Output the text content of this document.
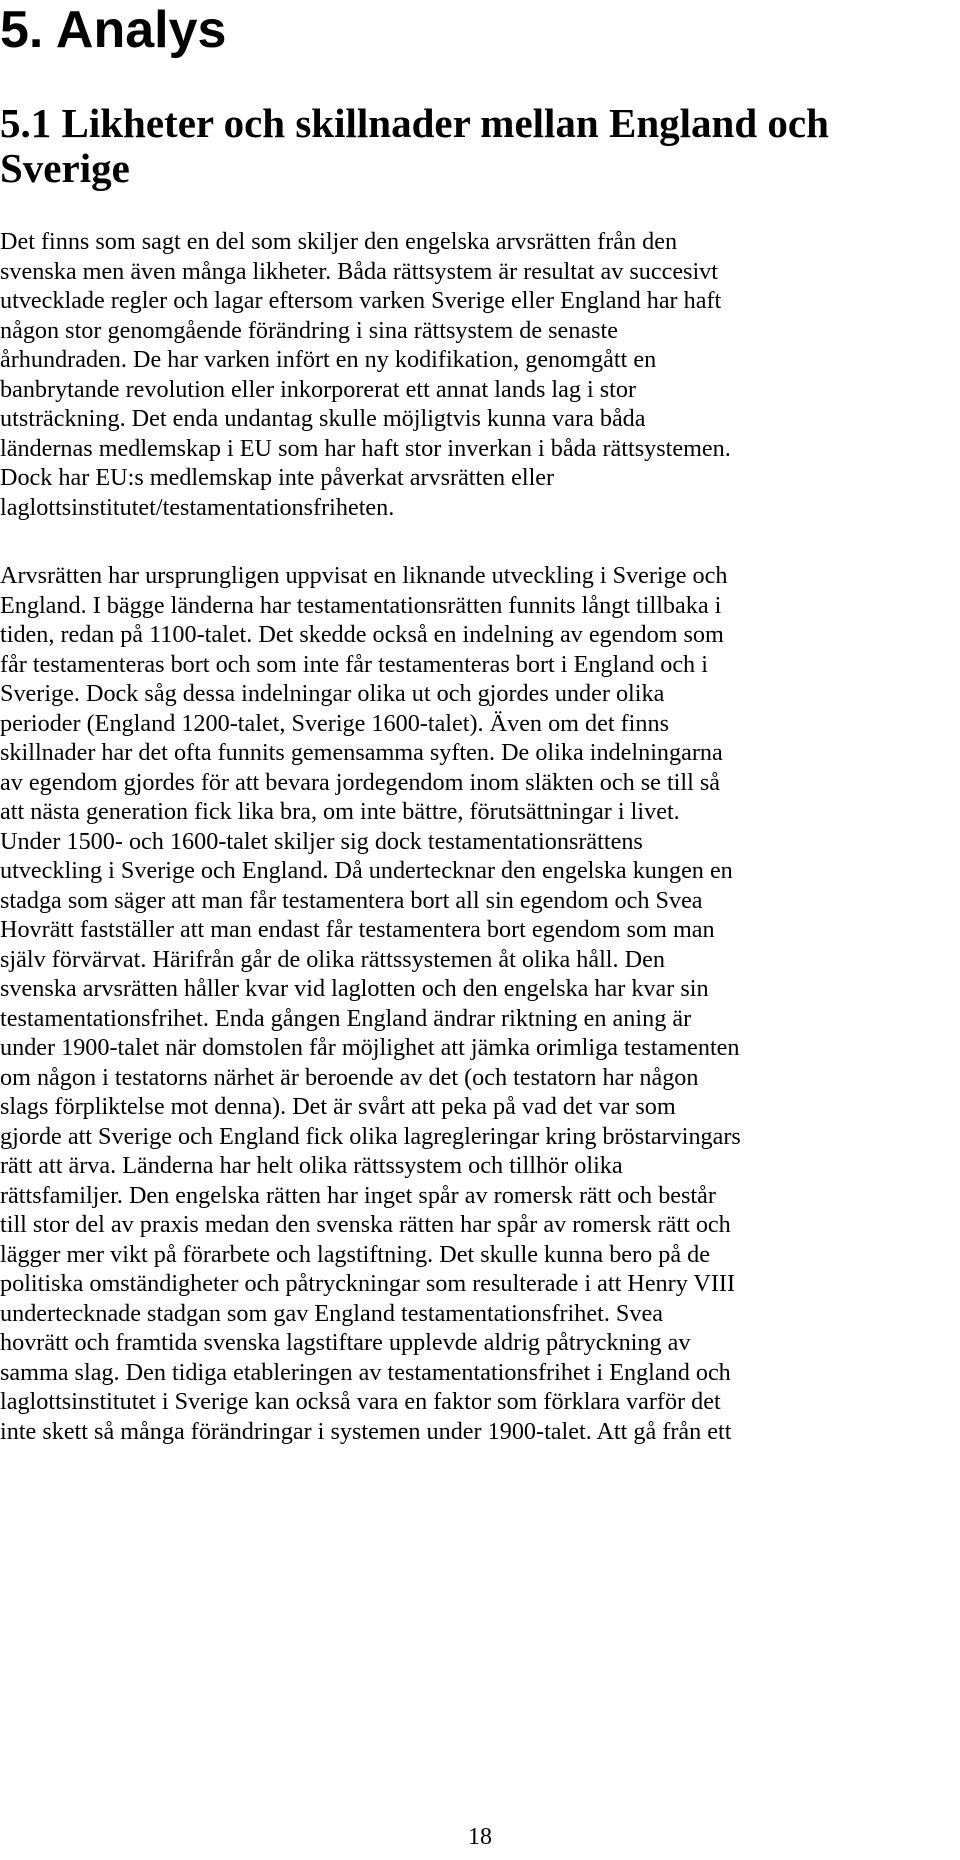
5. Analys
5.1 Likheter och skillnader mellan England och Sverige

Det finns som sagt en del som skiljer den engelska arvsrätten från den
svenska men även många likheter. Båda rättsystem är resultat av succesivt
utvecklade regler och lagar eftersom varken Sverige eller England har haft
någon stor genomgående förändring i sina rättsystem de senaste
århundraden. De har varken infört en ny kodifikation, genomgått en
banbrytande revolution eller inkorporerat ett annat lands lag i stor
utsträckning. Det enda undantag skulle möjligtvis kunna vara båda
ländernas medlemskap i EU som har haft stor inverkan i båda rättsystemen.
Dock har EU:s medlemskap inte påverkat arvsrätten eller
laglottsinstitutet/testamentationsfriheten.

Arvsrätten har ursprungligen uppvisat en liknande utveckling i Sverige och
England. I bägge länderna har testamentationsrätten funnits långt tillbaka i
tiden, redan på 1100-talet. Det skedde också en indelning av egendom som
får testamenteras bort och som inte får testamenteras bort i England och i
Sverige. Dock såg dessa indelningar olika ut och gjordes under olika
perioder (England 1200-talet, Sverige 1600-talet). Även om det finns
skillnader har det ofta funnits gemensamma syften. De olika indelningarna
av egendom gjordes för att bevara jordegendom inom släkten och se till så
att nästa generation fick lika bra, om inte bättre, förutsättningar i livet.
Under 1500- och 1600-talet skiljer sig dock testamentationsrättens
utveckling i Sverige och England. Då undertecknar den engelska kungen en
stadga som säger att man får testamentera bort all sin egendom och Svea
Hovrätt fastställer att man endast får testamentera bort egendom som man
själv förvärvat. Härifrån går de olika rättssystemen åt olika håll. Den
svenska arvsrätten håller kvar vid laglotten och den engelska har kvar sin
testamentationsfrihet. Enda gången England ändrar riktning en aning är
under 1900-talet när domstolen får möjlighet att jämka orimliga testamenten
om någon i testatorns närhet är beroende av det (och testatorn har någon
slags förpliktelse mot denna). Det är svårt att peka på vad det var som
gjorde att Sverige och England fick olika lagregleringar kring bröstarvingars
rätt att ärva. Länderna har helt olika rättssystem och tillhör olika
rättsfamiljer. Den engelska rätten har inget spår av romersk rätt och består
till stor del av praxis medan den svenska rätten har spår av romersk rätt och
lägger mer vikt på förarbete och lagstiftning. Det skulle kunna bero på de
politiska omständigheter och påtryckningar som resulterade i att Henry VIII
undertecknade stadgan som gav England testamentationsfrihet. Svea
hovrätt och framtida svenska lagstiftare upplevde aldrig påtryckning av
samma slag. Den tidiga etableringen av testamentationsfrihet i England och
laglottsinstitutet i Sverige kan också vara en faktor som förklara varför det
inte skett så många förändringar i systemen under 1900-talet. Att gå från ett

18
